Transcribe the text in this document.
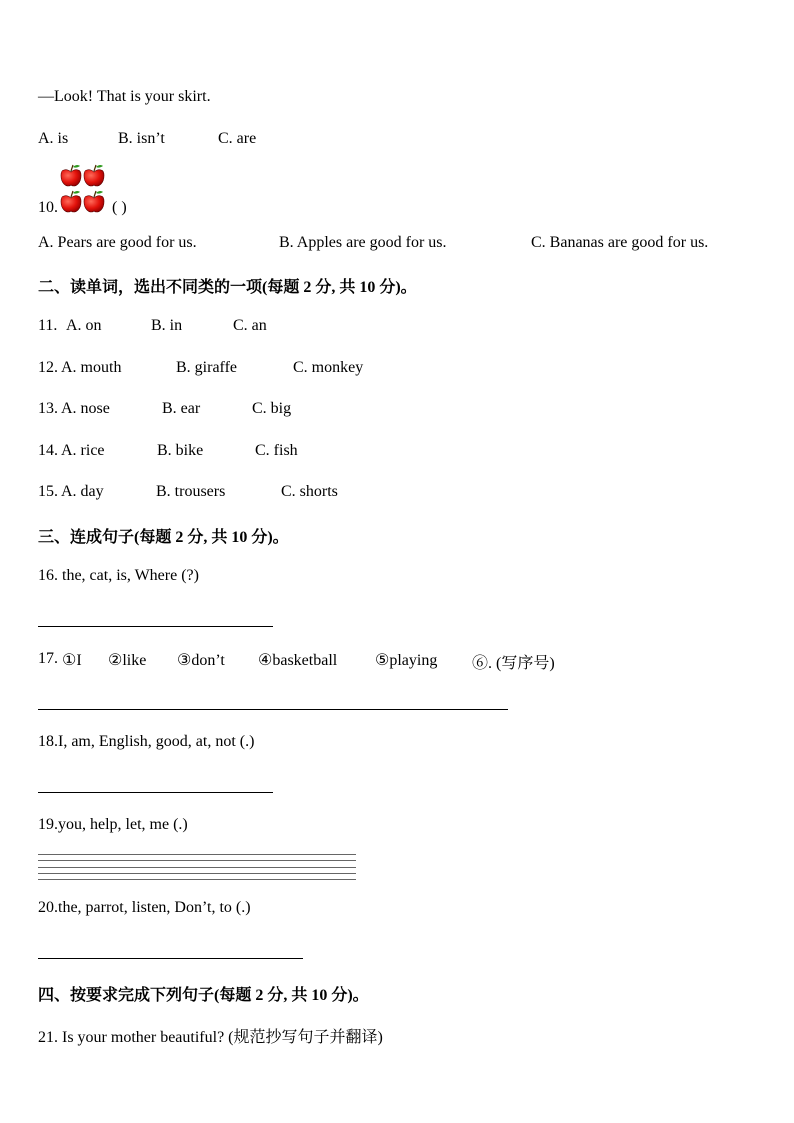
—Look! That is your skirt.
A. is	B. isn’t	C. are
10.	( )
A. Pears are good for us.	B. Apples are good for us.	C. Bananas are good for us.
二、读单词，选出不同类的一项(每题 2 分, 共 10 分)。
11. A. on	B. in	C. an
12. A. mouth	B. giraffe	C. monkey
13. A. nose	B. ear	C. big
14. A. rice	B. bike	C. fish
15. A. day	B. trousers	C. shorts
三、连成句子(每题 2 分, 共 10 分)。
16. the, cat, is, Where (?)
17. ①I ②like ③don’t ④basketball ⑤playing ⑥. (写序号)
18.I, am, English, good, at, not (.)
19.you, help, let, me (.)
20.the, parrot, listen, Don’t, to (.)
四、按要求完成下列句子(每题 2 分, 共 10 分)。
21. Is your mother beautiful? (规范抄写句子并翻译)
